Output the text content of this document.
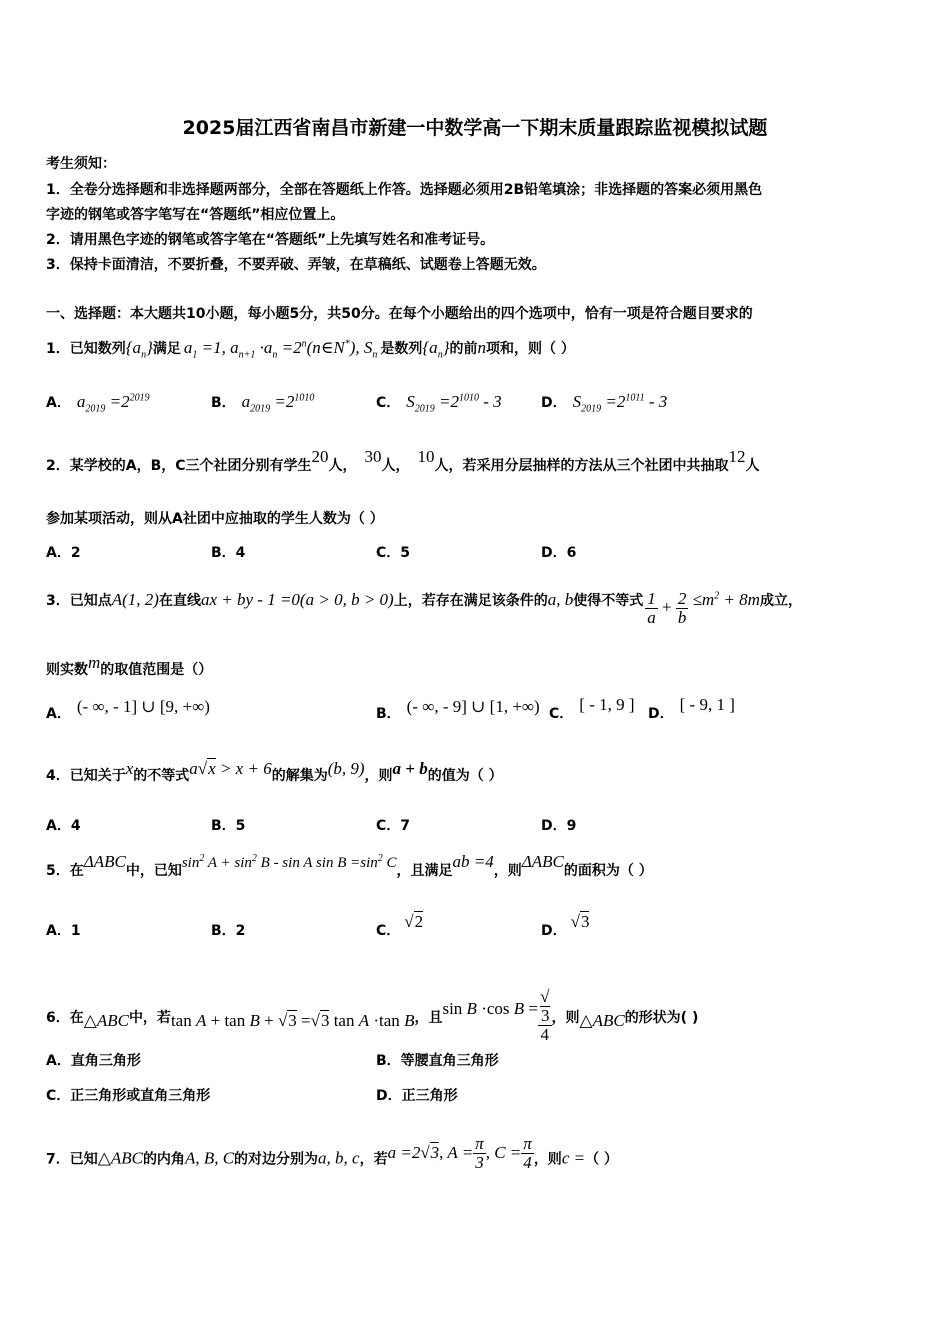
2025届江西省南昌市新建一中数学高一下期末质量跟踪监视模拟试题
考生须知：
1．全卷分选择题和非选择题两部分，全部在答题纸上作答。选择题必须用2B铅笔填涂；非选择题的答案必须用黑色
字迹的钢笔或答字笔写在“答题纸”相应位置上。
2．请用黑色字迹的钢笔或答字笔在“答题纸”上先填写姓名和准考证号。
3．保持卡面清洁，不要折叠，不要弄破、弄皱，在草稿纸、试题卷上答题无效。
一、选择题：本大题共10小题，每小题5分，共50分。在每个小题给出的四个选项中，恰有一项是符合题目要求的
1．已知数列$\{a_n\}$满足 $a_1 =1$, $a_{n+1} \cdot a_n$ $=2^n(n\in N^*)$, $S_n$ 是数列$\{a_n\}$的前n项和，则（ ）
A． $a_{2019} =2^{2019}$	B． $a_{2019} =2^{1010}$	C． $S_{2019} =2^{1010} - 3$	D． $S_{2019} =2^{1011} - 3$
2．某学校的A，B，C三个社团分别有学生20人， 30人， 10人，若采用分层抽样的方法从三个社团中共抽取12人
参加某项活动，则从A社团中应抽取的学生人数为（ ）
A．2	B．4	C．5	D．6
3．已知点A(1, 2)在直线ax + by - 1 =0(a > 0, b > 0)上，若存在满足该条件的a, b使得不等式 $\frac{1}{a} + \frac{2}{b} \le m^2 + 8m$成立，
则实数m的取值范围是（）
A． (- ∞, - 1] ∪ [9, +∞)	B． (- ∞, - 9] ∪ [1, +∞) C． [ - 1, 9 ] D． [ - 9, 1 ]
4．已知关于x的不等式a√x > x + 6的解集为(b, 9)，则a + b的值为（ ）
A．4	B．5	C．7	D．9
5．在ΔABC中，已知$\sin^2 A + \sin^2 B - \sin A$ $\sin B =\sin^2$ C，且满足ab =4，则ΔABC的面积为（ ）
A．1	B．2	C． √2	D． √3
6．在△ABC中，若tan A + tan B + √3 =√3 tan A ·tan B，且sin B ·cos B = √
3
4 ，则△ABC的形状为( )
A．直角三角形	B．等腰直角三角形
C．正三角形或直角三角形	D．正三角形
7．已知△ABC的内角A, B, C的对边分别为a, b, c，若a =2√3, $A = \frac{\pi}{3}$ , $C = \frac{\pi}{4}$ ，则c =（ ）
